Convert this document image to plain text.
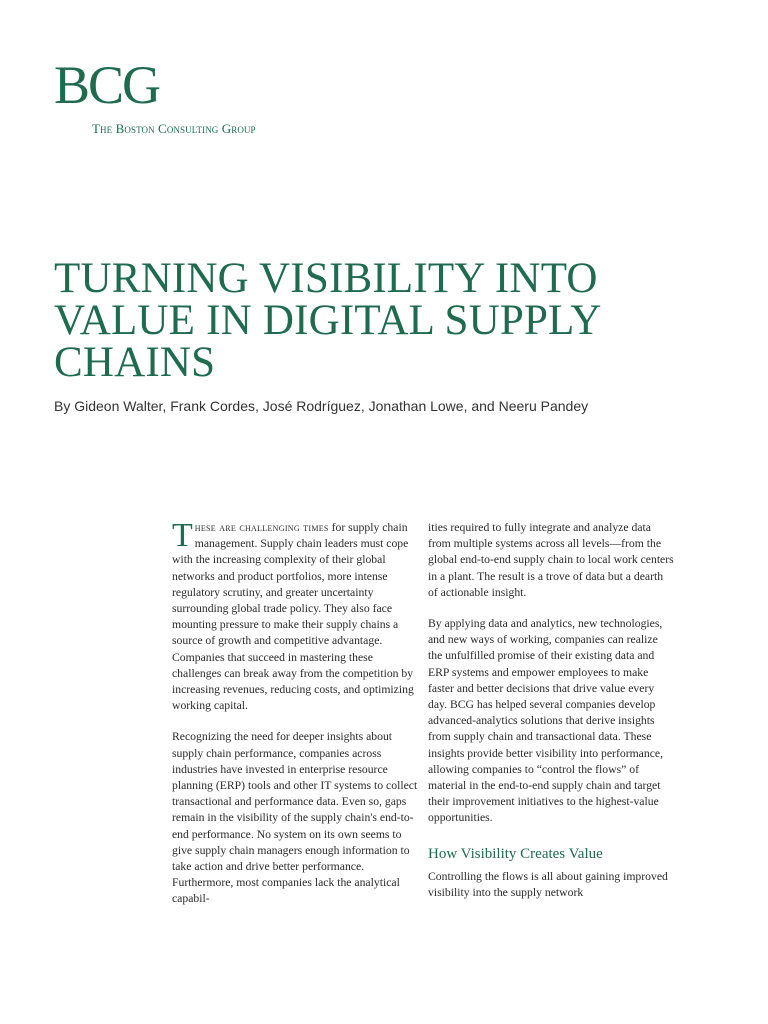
BCG
The Boston Consulting Group
TURNING VISIBILITY INTO VALUE IN DIGITAL SUPPLY CHAINS
By Gideon Walter, Frank Cordes, José Rodríguez, Jonathan Lowe, and Neeru Pandey

These are challenging times for supply chain management. Supply chain leaders must cope with the increasing complexity of their global networks and product portfolios, more intense regulatory scrutiny, and greater uncertainty surrounding global trade policy. They also face mounting pressure to make their supply chains a source of growth and competitive advantage. Companies that succeed in mastering these challenges can break away from the competition by increasing revenues, reducing costs, and optimizing working capital.

Recognizing the need for deeper insights about supply chain performance, companies across industries have invested in enterprise resource planning (ERP) tools and other IT systems to collect transactional and performance data. Even so, gaps remain in the visibility of the supply chain's end-to-end performance. No system on its own seems to give supply chain managers enough information to take action and drive better performance. Furthermore, most companies lack the analytical capabil-

ities required to fully integrate and analyze data from multiple systems across all levels—from the global end-to-end supply chain to local work centers in a plant. The result is a trove of data but a dearth of actionable insight.

By applying data and analytics, new technologies, and new ways of working, companies can realize the unfulfilled promise of their existing data and ERP systems and empower employees to make faster and better decisions that drive value every day. BCG has helped several companies develop advanced-analytics solutions that derive insights from supply chain and transactional data. These insights provide better visibility into performance, allowing companies to “control the flows” of material in the end-to-end supply chain and target their improvement initiatives to the highest-value opportunities.

How Visibility Creates Value

Controlling the flows is all about gaining improved visibility into the supply network
